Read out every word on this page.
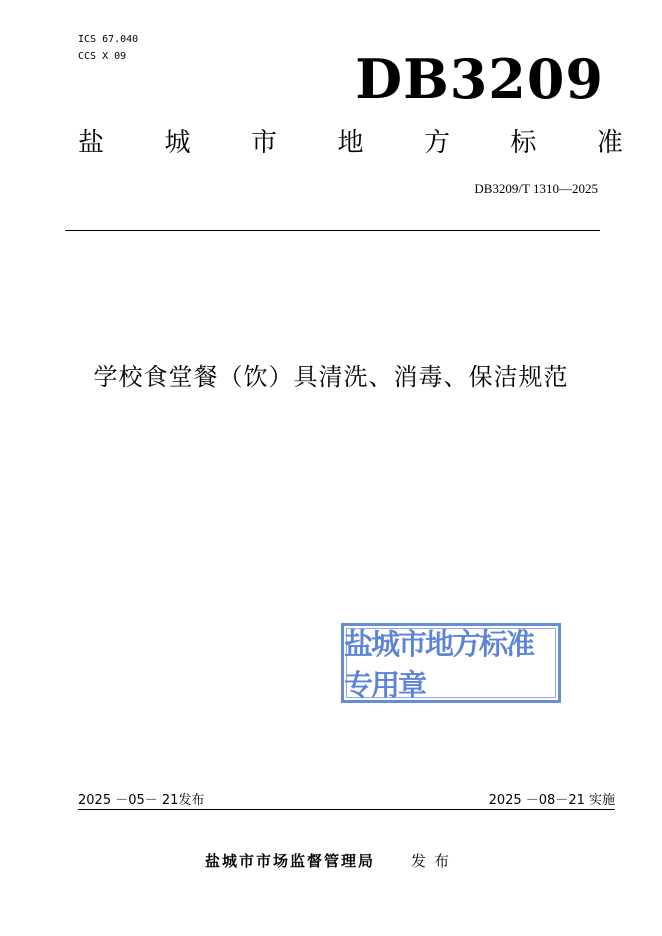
ICS 67.040
CCS X 09	DB3209
盐 城 市 地 方 标 准
DB3209/T 1310—2025
学校食堂餐（饮）具清洗、消毒、保洁规范
盐城市地方标准专用章
2025 －05－ 21发布	2025 －08－21 实施
盐城市市场监督管理局 发布
